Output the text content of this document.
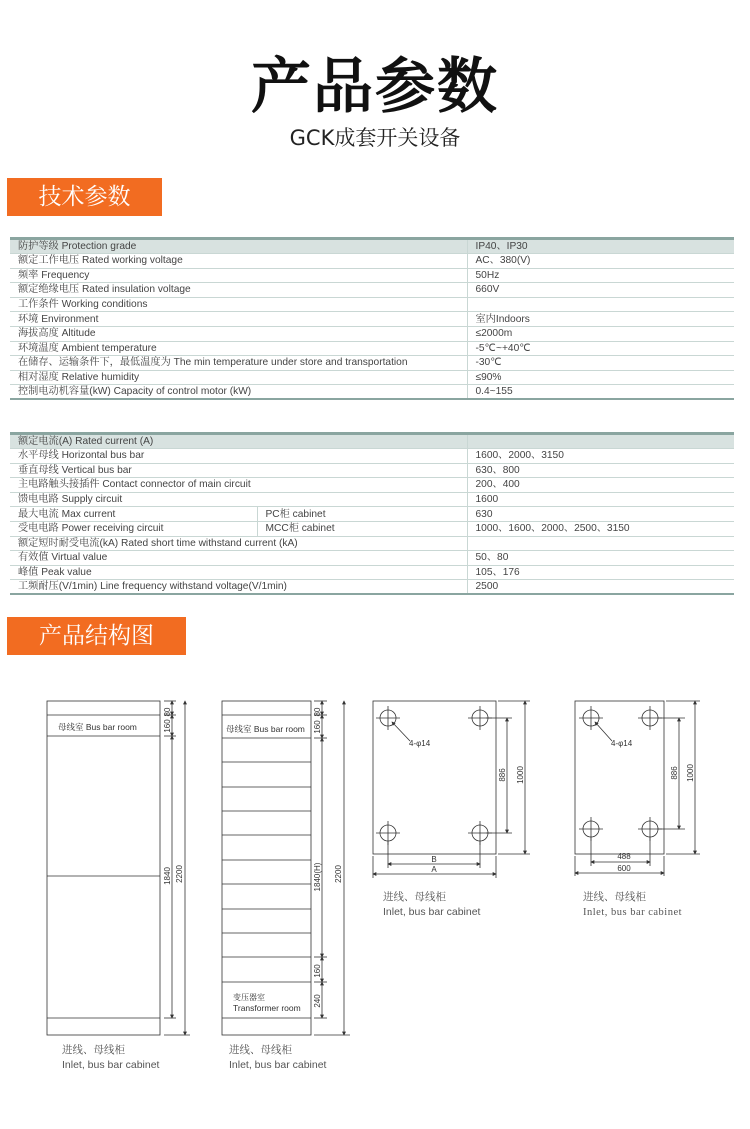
产品参数
GCK成套开关设备
技术参数
防护等级 Protection grade	IP40、IP30
额定工作电压 Rated working voltage	AC、380(V)
频率 Frequency	50Hz
额定绝缘电压 Rated insulation voltage	660V
工作条件 Working conditions	
环境 Environment	室内Indoors
海拔高度 Altitude	≤2000m
环境温度 Ambient temperature	-5℃~+40℃
在储存、运输条件下，最低温度为 The min temperature under store and transportation	-30℃
相对湿度 Relative humidity	≤90%
控制电动机容量(kW) Capacity of control motor (kW)	0.4~155
额定电流(A) Rated current (A)		
水平母线 Horizontal bus bar		1600、2000、3150
垂直母线 Vertical bus bar		630、800
主电路触头接插件 Contact connector of main circuit		200、400
馈电电路 Supply circuit		1600
最大电流 Max current	PC柜 cabinet	630
受电电路 Power receiving circuit	MCC柜 cabinet	1000、1600、2000、2500、3150
额定短时耐受电流(kA) Rated short time withstand current (kA)		
有效值 Virtual value		50、80
峰值 Peak value		105、176
工频耐压(V/1min) Line frequency withstand voltage(V/1min)		2500
产品结构图
母线室 Bus bar room
80
160
1840 2200
母线室 Bus bar room
变压器室
Transformer room
80
160
1840(H) 2200
160
240
4-φ14
886 1000
B
A
4-φ14
886 1000
488
600
进线、母线柜
Inlet, bus bar cabinet
进线、母线柜
Inlet, bus bar cabinet
进线、母线柜
Inlet, bus bar cabinet
进线、母线柜
Inlet, bus bar cabinet
